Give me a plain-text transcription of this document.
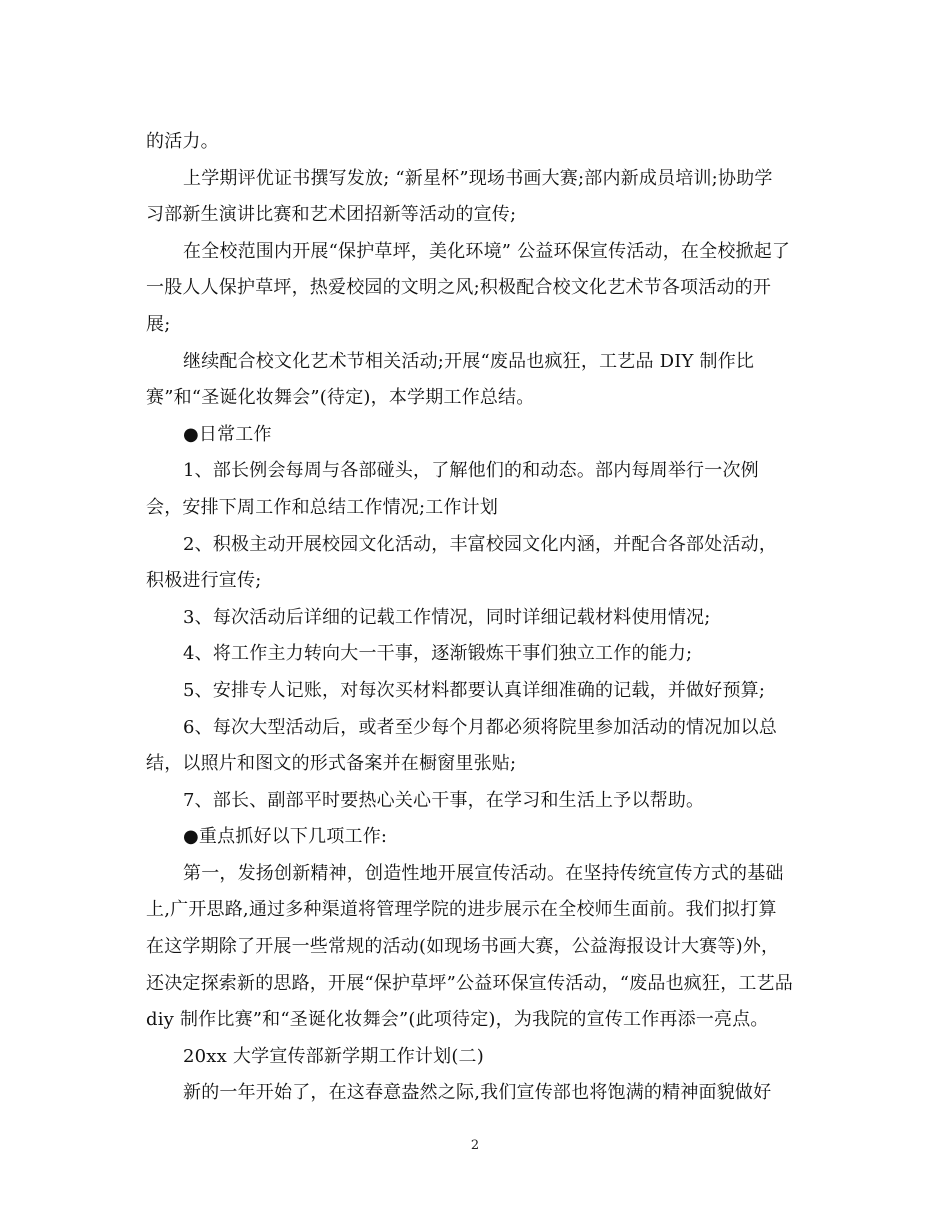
的活力。
上学期评优证书撰写发放; “新星杯”现场书画大赛;部内新成员培训;协助学
习部新生演讲比赛和艺术团招新等活动的宣传;
在全校范围内开展“保护草坪，美化环境” 公益环保宣传活动，在全校掀起了
一股人人保护草坪，热爱校园的文明之风;积极配合校文化艺术节各项活动的开
展;
继续配合校文化艺术节相关活动;开展“废品也疯狂，工艺品 DIY 制作比
赛”和“圣诞化妆舞会”(待定)，本学期工作总结。
●日常工作
1、部长例会每周与各部碰头，了解他们的和动态。部内每周举行一次例
会，安排下周工作和总结工作情况;工作计划
2、积极主动开展校园文化活动，丰富校园文化内涵，并配合各部处活动，
积极进行宣传;
3、每次活动后详细的记载工作情况，同时详细记载材料使用情况;
4、将工作主力转向大一干事，逐渐锻炼干事们独立工作的能力;
5、安排专人记账，对每次买材料都要认真详细准确的记载，并做好预算;
6、每次大型活动后，或者至少每个月都必须将院里参加活动的情况加以总
结，以照片和图文的形式备案并在橱窗里张贴;
7、部长、副部平时要热心关心干事，在学习和生活上予以帮助。
●重点抓好以下几项工作:
第一，发扬创新精神，创造性地开展宣传活动。在坚持传统宣传方式的基础
上,广开思路,通过多种渠道将管理学院的进步展示在全校师生面前。我们拟打算
在这学期除了开展一些常规的活动(如现场书画大赛，公益海报设计大赛等)外，
还决定探索新的思路，开展“保护草坪”公益环保宣传活动，“废品也疯狂，工艺品
diy 制作比赛”和“圣诞化妆舞会”(此项待定)，为我院的宣传工作再添一亮点。
20xx 大学宣传部新学期工作计划(二)
新的一年开始了，在这春意盎然之际,我们宣传部也将饱满的精神面貌做好
2
